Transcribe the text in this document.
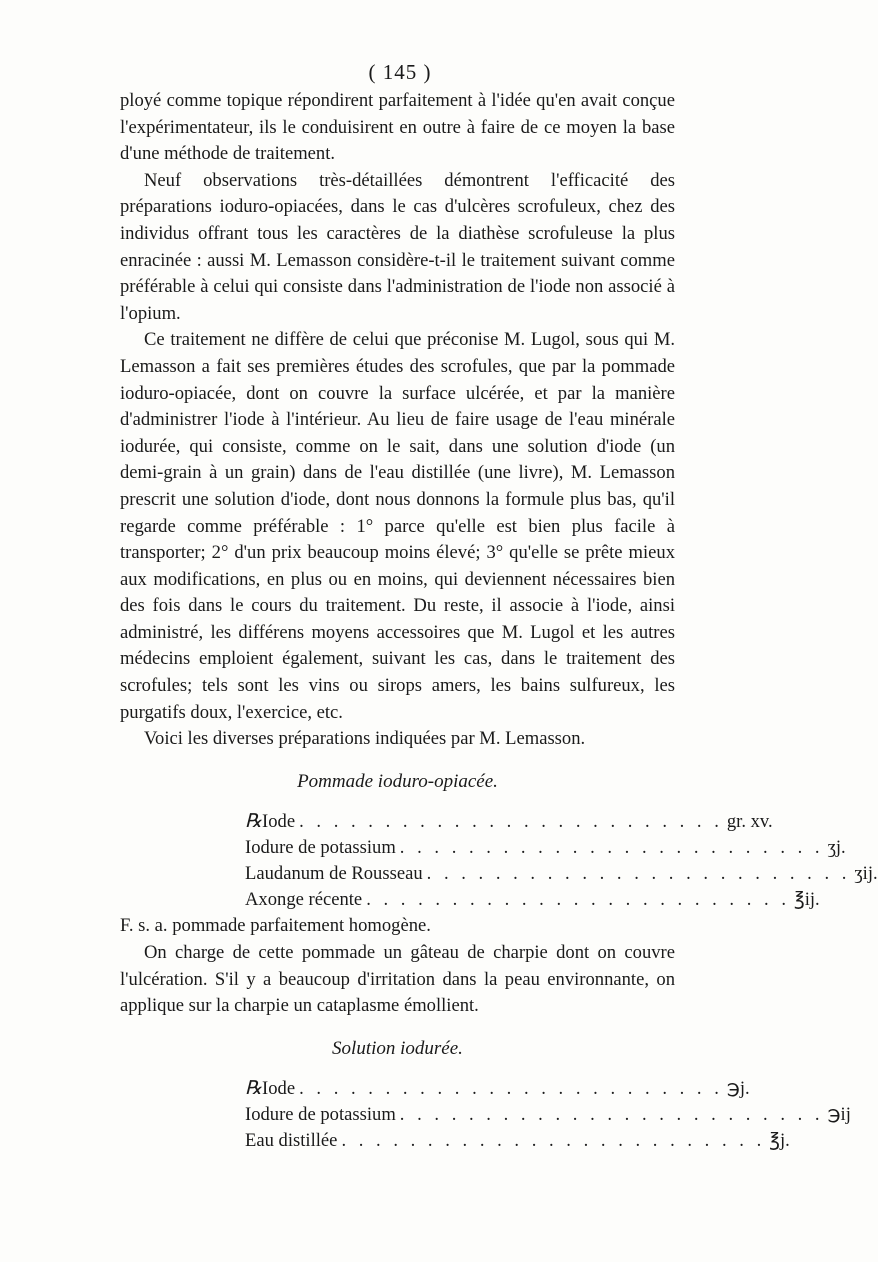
( 145 )

ployé comme topique répondirent parfaitement à l'idée qu'en avait conçue l'expérimentateur, ils le conduisirent en outre à faire de ce moyen la base d'une méthode de traitement.

Neuf observations très-détaillées démontrent l'efficacité des préparations ioduro-opiacées, dans le cas d'ulcères scrofuleux, chez des individus offrant tous les caractères de la diathèse scrofuleuse la plus enracinée : aussi M. Lemasson considère-t-il le traitement suivant comme préférable à celui qui consiste dans l'administration de l'iode non associé à l'opium.

Ce traitement ne diffère de celui que préconise M. Lugol, sous qui M. Lemasson a fait ses premières études des scrofules, que par la pommade ioduro-opiacée, dont on couvre la surface ulcérée, et par la manière d'administrer l'iode à l'intérieur. Au lieu de faire usage de l'eau minérale iodurée, qui consiste, comme on le sait, dans une solution d'iode (un demi-grain à un grain) dans de l'eau distillée (une livre), M. Lemasson prescrit une solution d'iode, dont nous donnons la formule plus bas, qu'il regarde comme préférable : 1° parce qu'elle est bien plus facile à transporter; 2° d'un prix beaucoup moins élevé; 3° qu'elle se prête mieux aux modifications, en plus ou en moins, qui deviennent nécessaires bien des fois dans le cours du traitement. Du reste, il associe à l'iode, ainsi administré, les différens moyens accessoires que M. Lugol et les autres médecins emploient également, suivant les cas, dans le traitement des scrofules; tels sont les vins ou sirops amers, les bains sulfureux, les purgatifs doux, l'exercice, etc.

Voici les diverses préparations indiquées par M. Lemasson.

Pommade ioduro-opiacée.
℞ Iode . . . . . . . . . . . . . . . . . . . . . . . . . gr. xv.
Iodure de potassium . . . . . . . . . . . . . . . . . . . . . . . . . ʒj.
Laudanum de Rousseau . . . . . . . . . . . . . . . . . . . . . . . . . ʒij.
Axonge récente . . . . . . . . . . . . . . . . . . . . . . . . . ℥ij.

F. s. a. pommade parfaitement homogène.

On charge de cette pommade un gâteau de charpie dont on couvre l'ulcération. S'il y a beaucoup d'irritation dans la peau environnante, on applique sur la charpie un cataplasme émollient.

Solution iodurée.
℞ Iode . . . . . . . . . . . . . . . . . . . . . . . . . ℈j.
Iodure de potassium . . . . . . . . . . . . . . . . . . . . . . . . . ℈ij
Eau distillée . . . . . . . . . . . . . . . . . . . . . . . . . ℥j.
